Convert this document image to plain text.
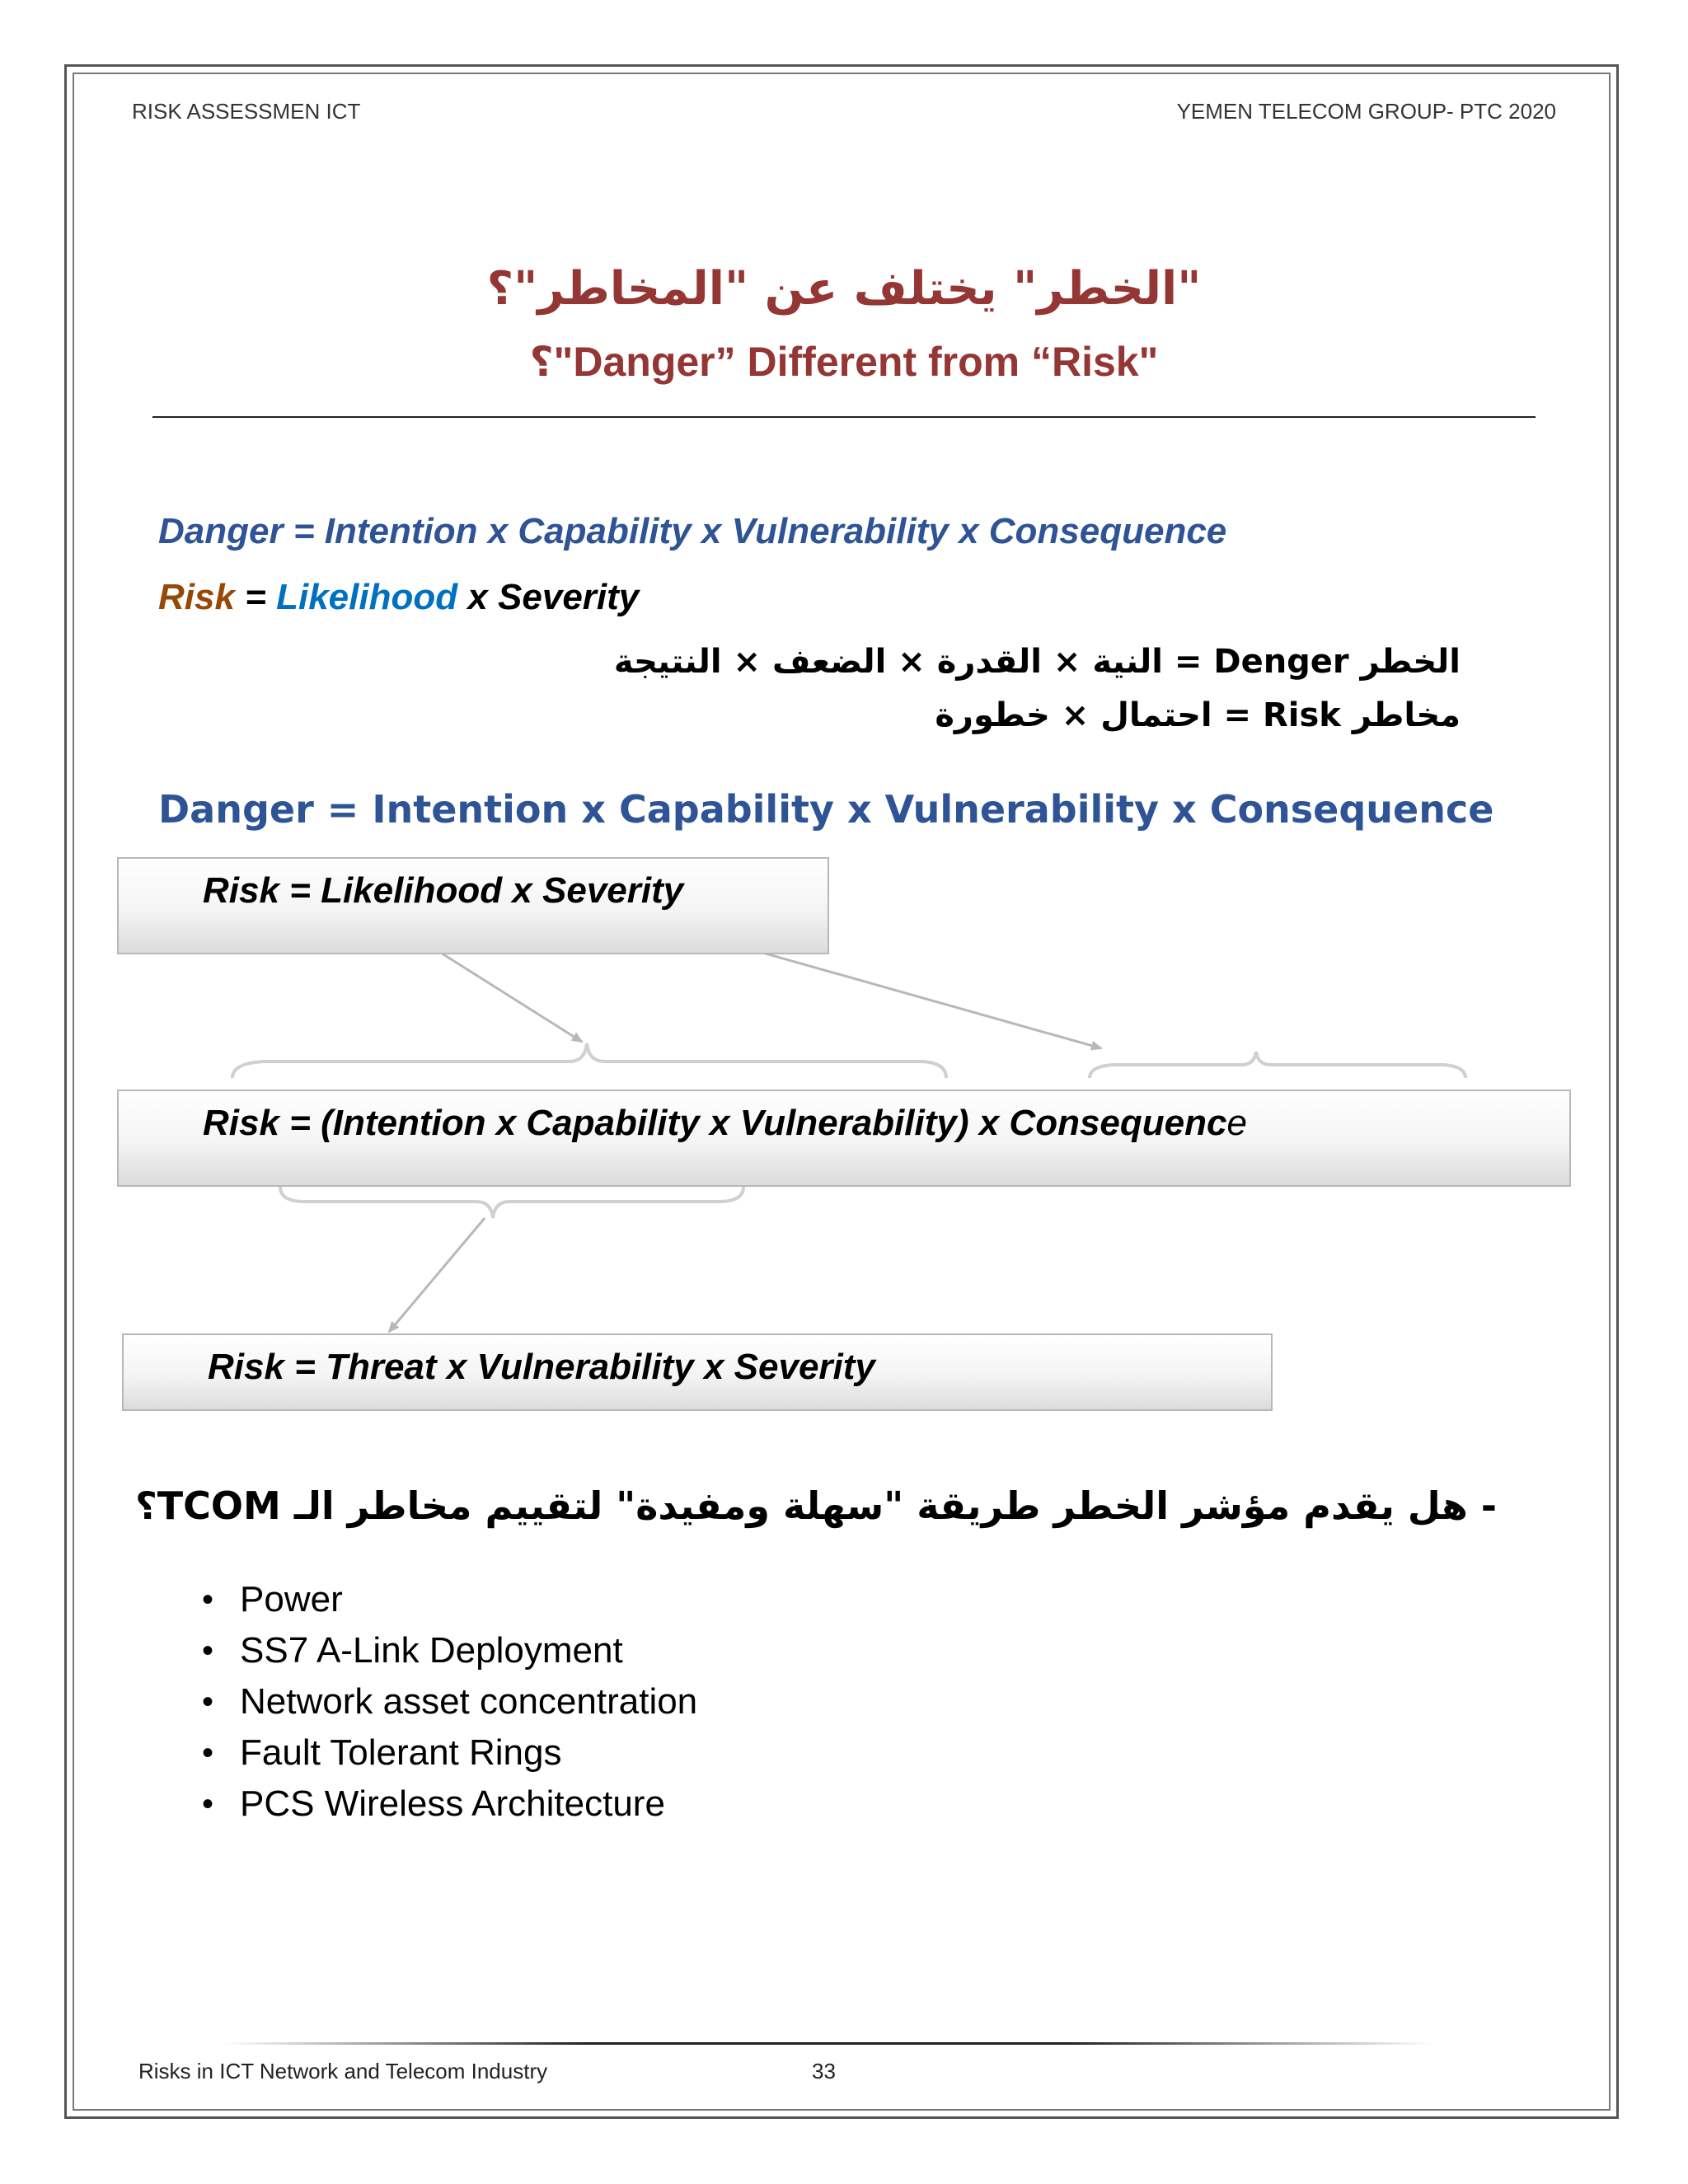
RISK ASSESSMEN ICT	YEMEN TELECOM GROUP- PTC 2020
"الخطر" يختلف عن "المخاطر"؟
؟"Danger” Different from “Risk"
Danger = Intention x Capability x Vulnerability x Consequence
Risk = Likelihood x Severity
الخطر Denger = النية × القدرة × الضعف × النتيجة
مخاطر Risk = احتمال × خطورة
Danger = Intention x Capability x Vulnerability x Consequence
Risk = Likelihood x Severity
Risk = (Intention x Capability x Vulnerability) x Consequence
Risk = Threat x Vulnerability x Severity
- هل يقدم مؤشر الخطر طريقة "سهلة ومفيدة" لتقييم مخاطر الـ TCOM؟
• Power
• SS7 A-Link Deployment
• Network asset concentration
• Fault Tolerant Rings
• PCS Wireless Architecture
Risks in ICT Network and Telecom Industry	33
